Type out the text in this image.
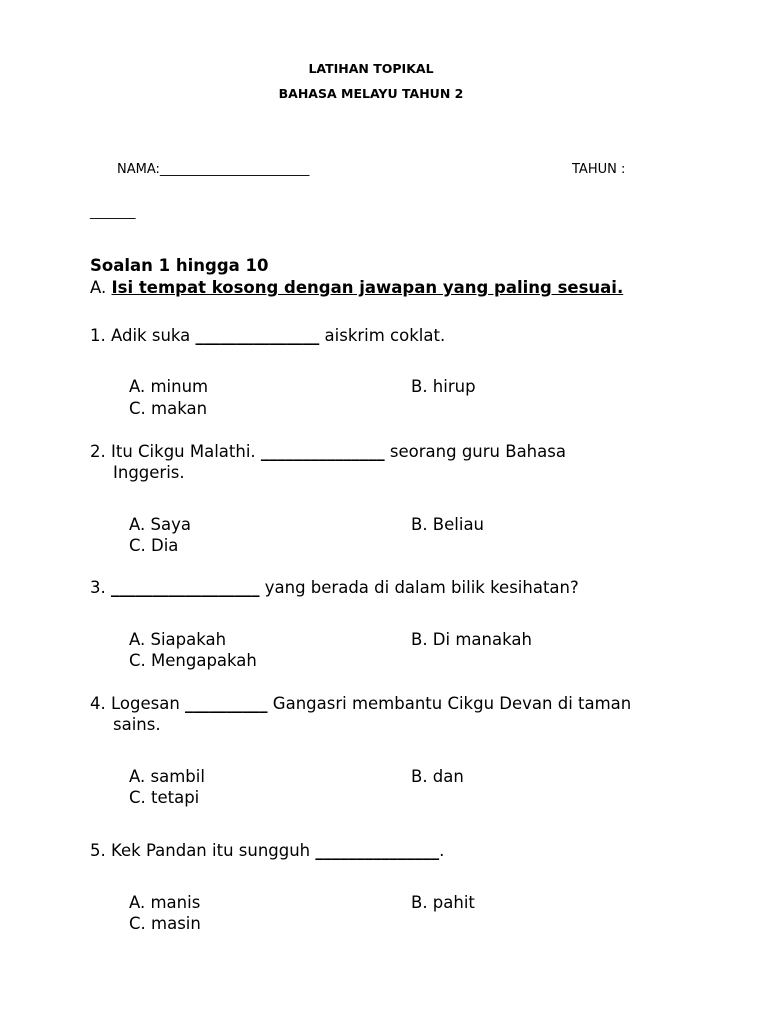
LATIHAN TOPIKAL
BAHASA MELAYU TAHUN 2
NAMA:_______________________	TAHUN :
_______
Soalan 1 hingga 10
A. Isi tempat kosong dengan jawapan yang paling sesuai.
1. Adik suka _______________ aiskrim coklat.
A. minum	B. hirup
C. makan
2. Itu Cikgu Malathi. _______________ seorang guru Bahasa
Inggeris.
A. Saya	B. Beliau
C. Dia
3. __________________ yang berada di dalam bilik kesihatan?
A. Siapakah	B. Di manakah
C. Mengapakah
4. Logesan __________ Gangasri membantu Cikgu Devan di taman
sains.
A. sambil	B. dan
C. tetapi
5. Kek Pandan itu sungguh _______________.
A. manis	B. pahit
C. masin
